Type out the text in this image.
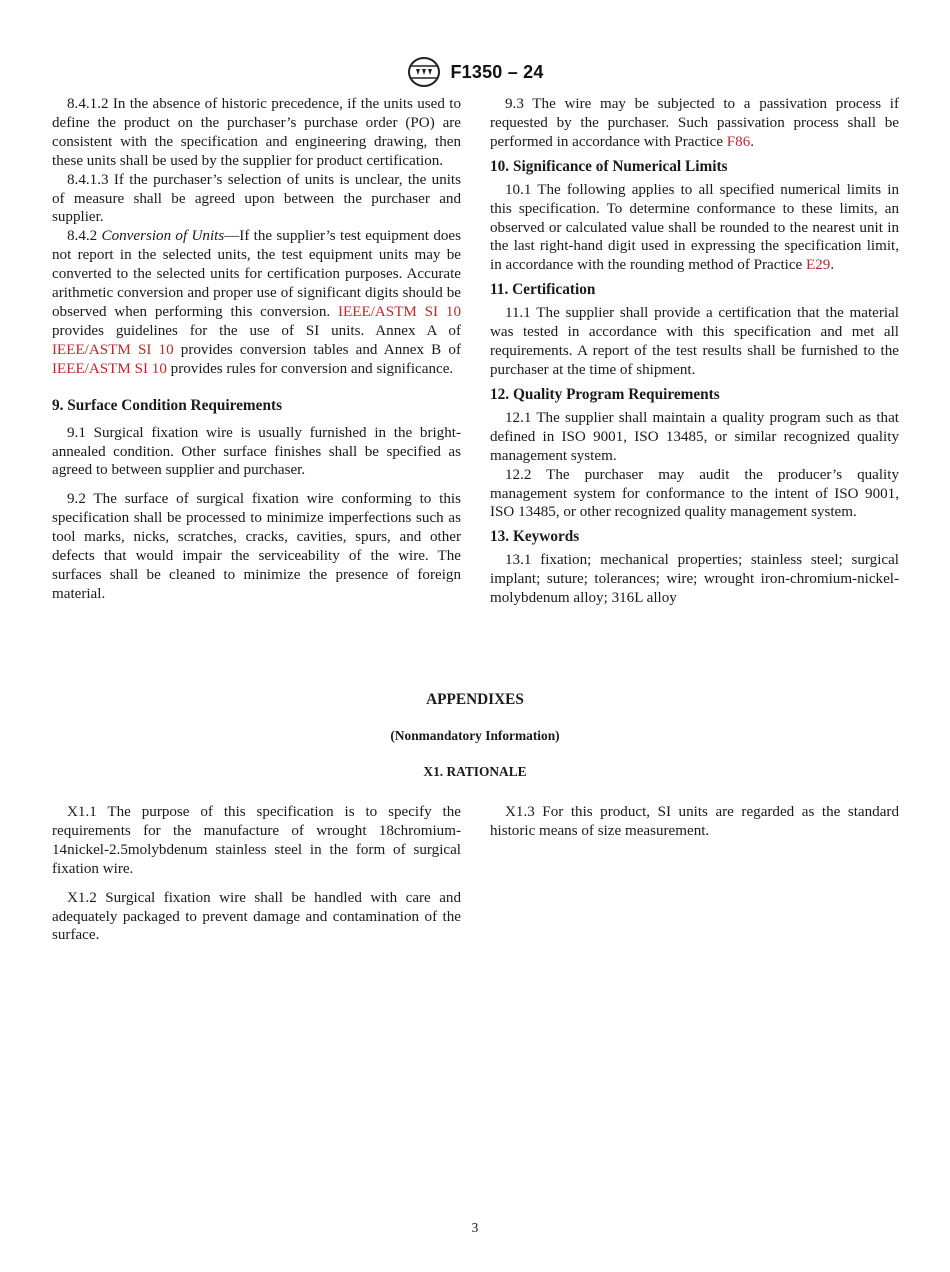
F1350 – 24

8.4.1.2 In the absence of historic precedence, if the units used to define the product on the purchaser’s purchase order (PO) are consistent with the specification and engineering drawing, then these units shall be used by the supplier for product certification.

8.4.1.3 If the purchaser’s selection of units is unclear, the units of measure shall be agreed upon between the purchaser and supplier.

8.4.2 Conversion of Units—If the supplier’s test equipment does not report in the selected units, the test equipment units may be converted to the selected units for certification purposes. Accurate arithmetic conversion and proper use of significant digits should be observed when performing this conversion. IEEE/ASTM SI 10 provides guidelines for the use of SI units. Annex A of IEEE/ASTM SI 10 provides conversion tables and Annex B of IEEE/ASTM SI 10 provides rules for conversion and significance.

9. Surface Condition Requirements

9.1 Surgical fixation wire is usually furnished in the bright-annealed condition. Other surface finishes shall be specified as agreed to between supplier and purchaser.

9.2 The surface of surgical fixation wire conforming to this specification shall be processed to minimize imperfections such as tool marks, nicks, scratches, cracks, cavities, spurs, and other defects that would impair the serviceability of the wire. The surfaces shall be cleaned to minimize the presence of foreign material.

9.3 The wire may be subjected to a passivation process if requested by the purchaser. Such passivation process shall be performed in accordance with Practice F86.

10. Significance of Numerical Limits

10.1 The following applies to all specified numerical limits in this specification. To determine conformance to these limits, an observed or calculated value shall be rounded to the nearest unit in the last right-hand digit used in expressing the specification limit, in accordance with the rounding method of Practice E29.

11. Certification

11.1 The supplier shall provide a certification that the material was tested in accordance with this specification and met all requirements. A report of the test results shall be furnished to the purchaser at the time of shipment.

12. Quality Program Requirements

12.1 The supplier shall maintain a quality program such as that defined in ISO 9001, ISO 13485, or similar recognized quality management system.

12.2 The purchaser may audit the producer’s quality management system for conformance to the intent of ISO 9001, ISO 13485, or other recognized quality management system.

13. Keywords

13.1 fixation; mechanical properties; stainless steel; surgical implant; suture; tolerances; wire; wrought iron-chromium-nickel-molybdenum alloy; 316L alloy

APPENDIXES
(Nonmandatory Information)
X1. RATIONALE

X1.1 The purpose of this specification is to specify the requirements for the manufacture of wrought 18chromium-14nickel-2.5molybdenum stainless steel in the form of surgical fixation wire.

X1.2 Surgical fixation wire shall be handled with care and adequately packaged to prevent damage and contamination of the surface.

X1.3 For this product, SI units are regarded as the standard historic means of size measurement.

3
